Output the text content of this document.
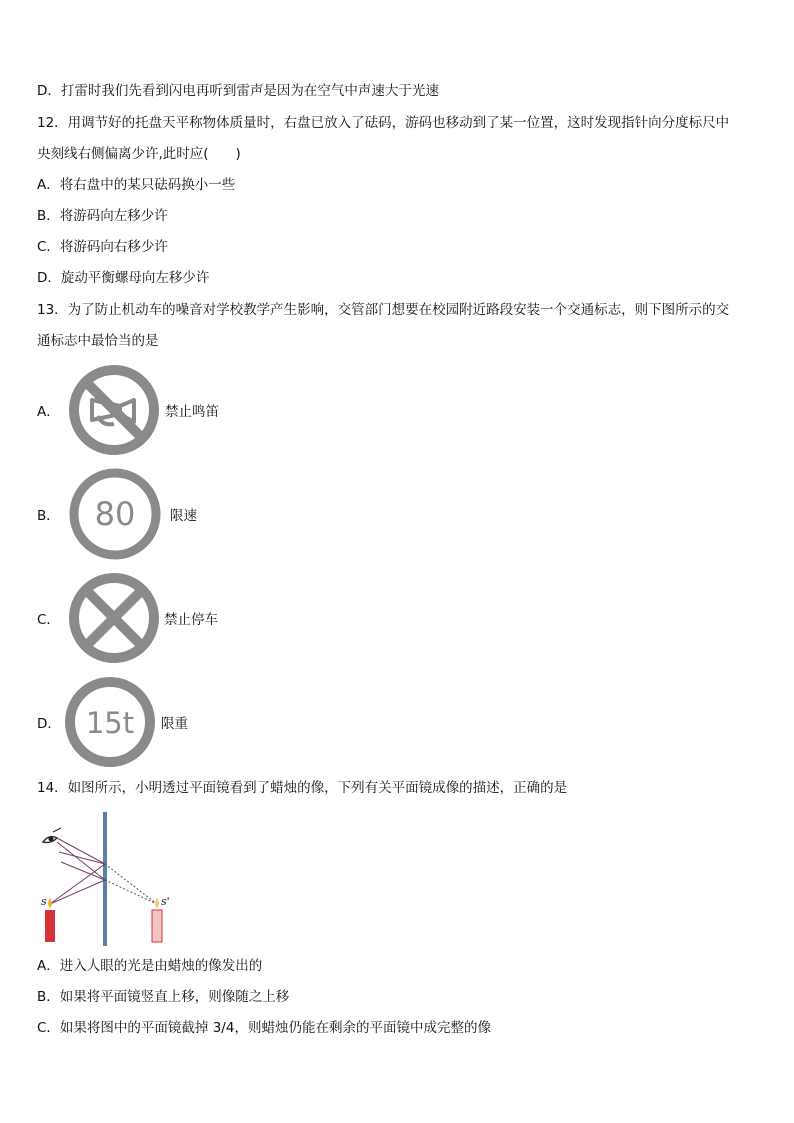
D．打雷时我们先看到闪电再听到雷声是因为在空气中声速大于光速
12．用调节好的托盘天平称物体质量时，右盘已放入了砝码，游码也移动到了某一位置，这时发现指针向分度标尺中
央刻线右侧偏离少许,此时应(　　)
A．将右盘中的某只砝码换小一些
B．将游码向左移少许
C．将游码向右移少许
D．旋动平衡螺母向左移少许
13．为了防止机动车的噪音对学校教学产生影响，交管部门想要在校园附近路段安装一个交通标志，则下图所示的交
通标志中最恰当的是
A．	禁止鸣笛
B． 80	限速
C．	禁止停车
D． 15t 限重
14．如图所示，小明透过平面镜看到了蜡烛的像，下列有关平面镜成像的描述，正确的是
s	s'
A．进入人眼的光是由蜡烛的像发出的
B．如果将平面镜竖直上移，则像随之上移
C．如果将图中的平面镜截掉 3/4，则蜡烛仍能在剩余的平面镜中成完整的像
